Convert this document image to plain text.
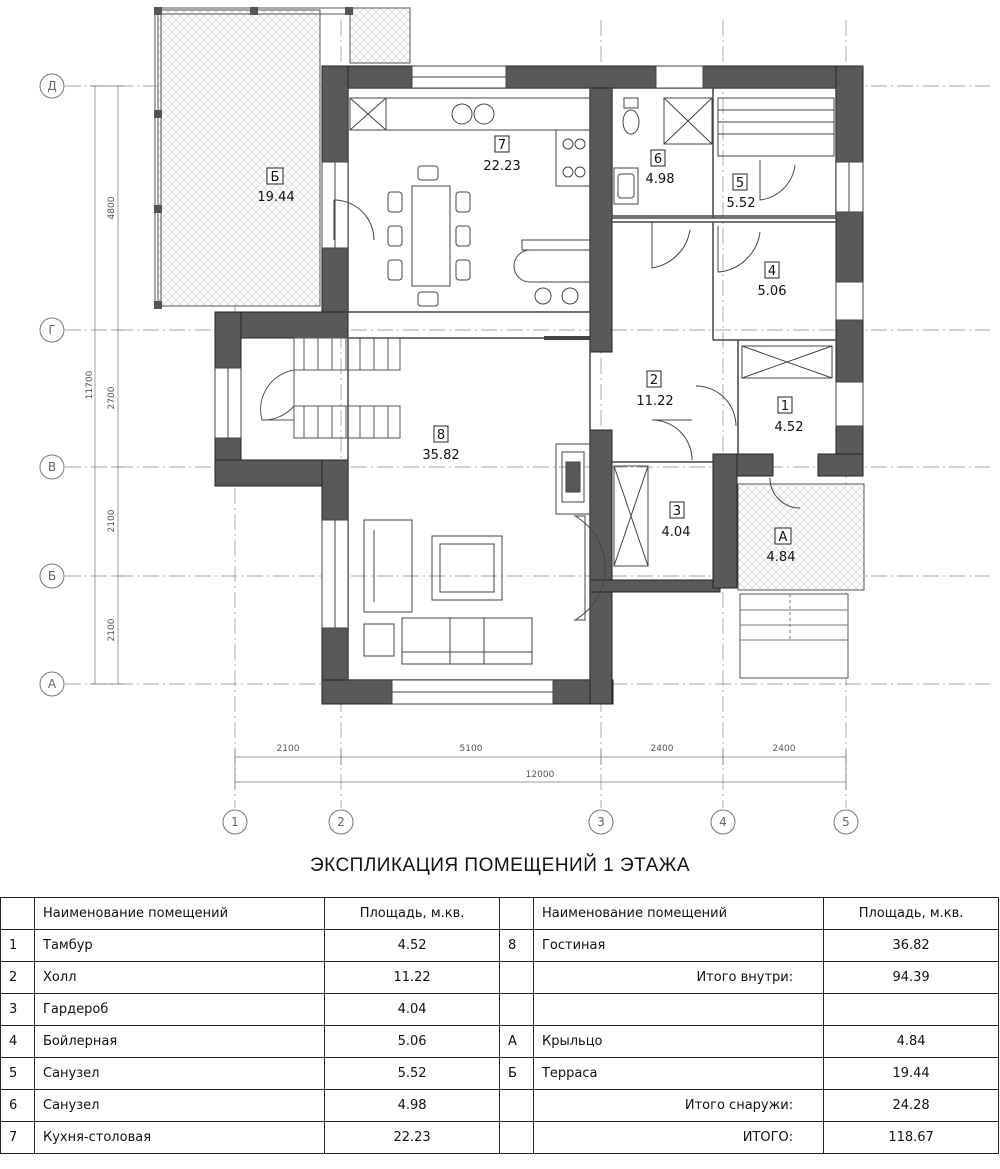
Д
Г
В
Б
А
1	2	3	4	5
11700
4800
2700
2100
2100
2100	5100	2400	2400
12000
1
4.52
2
11.22
3
4.04
4
5.06
5
5.52
6
4.98
7
22.23
8
35.82
А
4.84
Б
19.44
ЭКСПЛИКАЦИЯ ПОМЕЩЕНИЙ 1 ЭТАЖА
	Наименование помещений	Площадь, м.кв.		Наименование помещений	Площадь, м.кв.
1	Тамбур	4.52	8	Гостиная	36.82
2	Холл	11.22		Итого внутри:	94.39
3	Гардероб	4.04			
4	Бойлерная	5.06	А	Крыльцо	4.84
5	Санузел	5.52	Б	Терраса	19.44
6	Санузел	4.98		Итого снаружи:	24.28
7	Кухня-столовая	22.23		ИТОГО:	118.67
